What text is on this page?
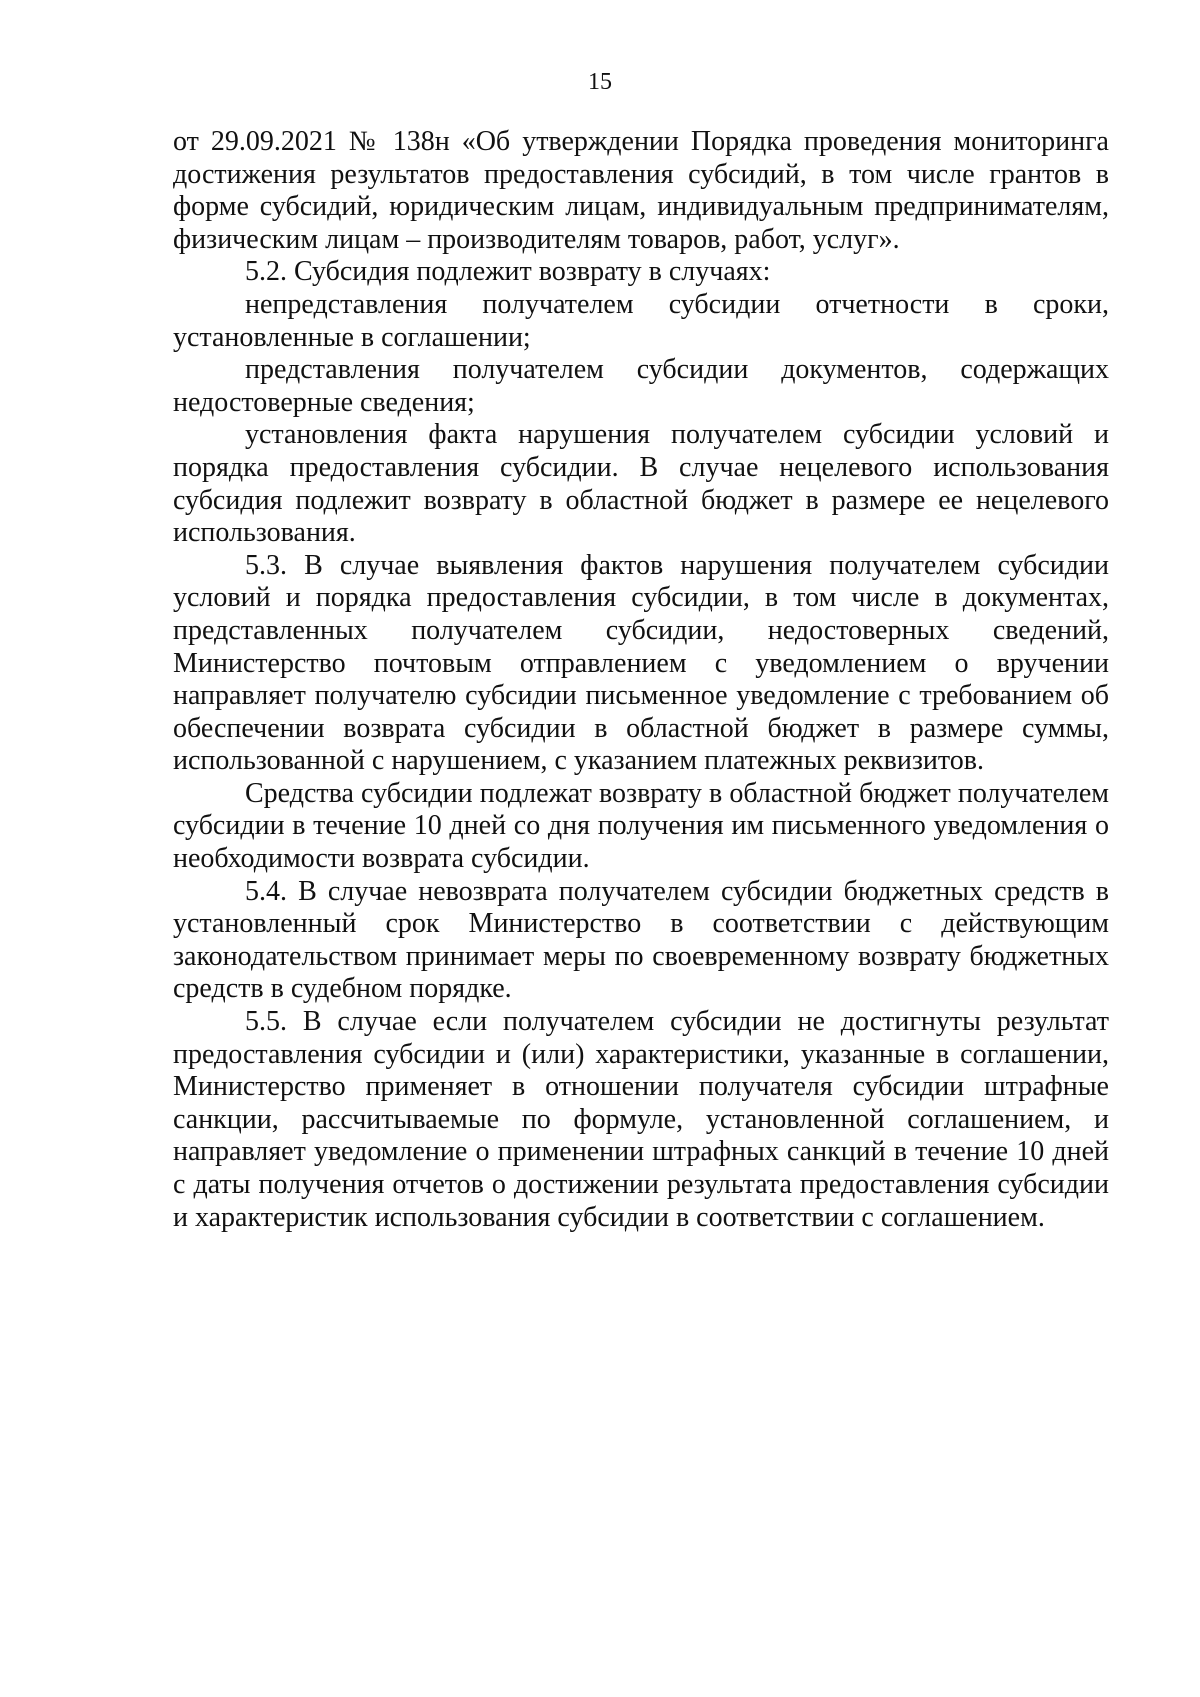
15

от 29.09.2021 № 138н «Об утверждении Порядка проведения мониторинга достижения результатов предоставления субсидий, в том числе грантов в форме субсидий, юридическим лицам, индивидуальным предпринимателям, физическим лицам – производителям товаров, работ, услуг».

5.2. Субсидия подлежит возврату в случаях:

непредставления получателем субсидии отчетности в сроки, установленные в соглашении;

представления получателем субсидии документов, содержащих недостоверные сведения;

установления факта нарушения получателем субсидии условий и порядка предоставления субсидии. В случае нецелевого использования субсидия подлежит возврату в областной бюджет в размере ее нецелевого использования.

5.3. В случае выявления фактов нарушения получателем субсидии условий и порядка предоставления субсидии, в том числе в документах, представленных получателем субсидии, недостоверных сведений, Министерство почтовым отправлением с уведомлением о вручении направляет получателю субсидии письменное уведомление с требованием об обеспечении возврата субсидии в областной бюджет в размере суммы, использованной с нарушением, с указанием платежных реквизитов.

Средства субсидии подлежат возврату в областной бюджет получателем субсидии в течение 10 дней со дня получения им письменного уведомления о необходимости возврата субсидии.

5.4. В случае невозврата получателем субсидии бюджетных средств в установленный срок Министерство в соответствии с действующим законодательством принимает меры по своевременному возврату бюджетных средств в судебном порядке.

5.5. В случае если получателем субсидии не достигнуты результат предоставления субсидии и (или) характеристики, указанные в соглашении, Министерство применяет в отношении получателя субсидии штрафные санкции, рассчитываемые по формуле, установленной соглашением, и направляет уведомление о применении штрафных санкций в течение 10 дней с даты получения отчетов о достижении результата предоставления субсидии и характеристик использования субсидии в соответствии с соглашением.
